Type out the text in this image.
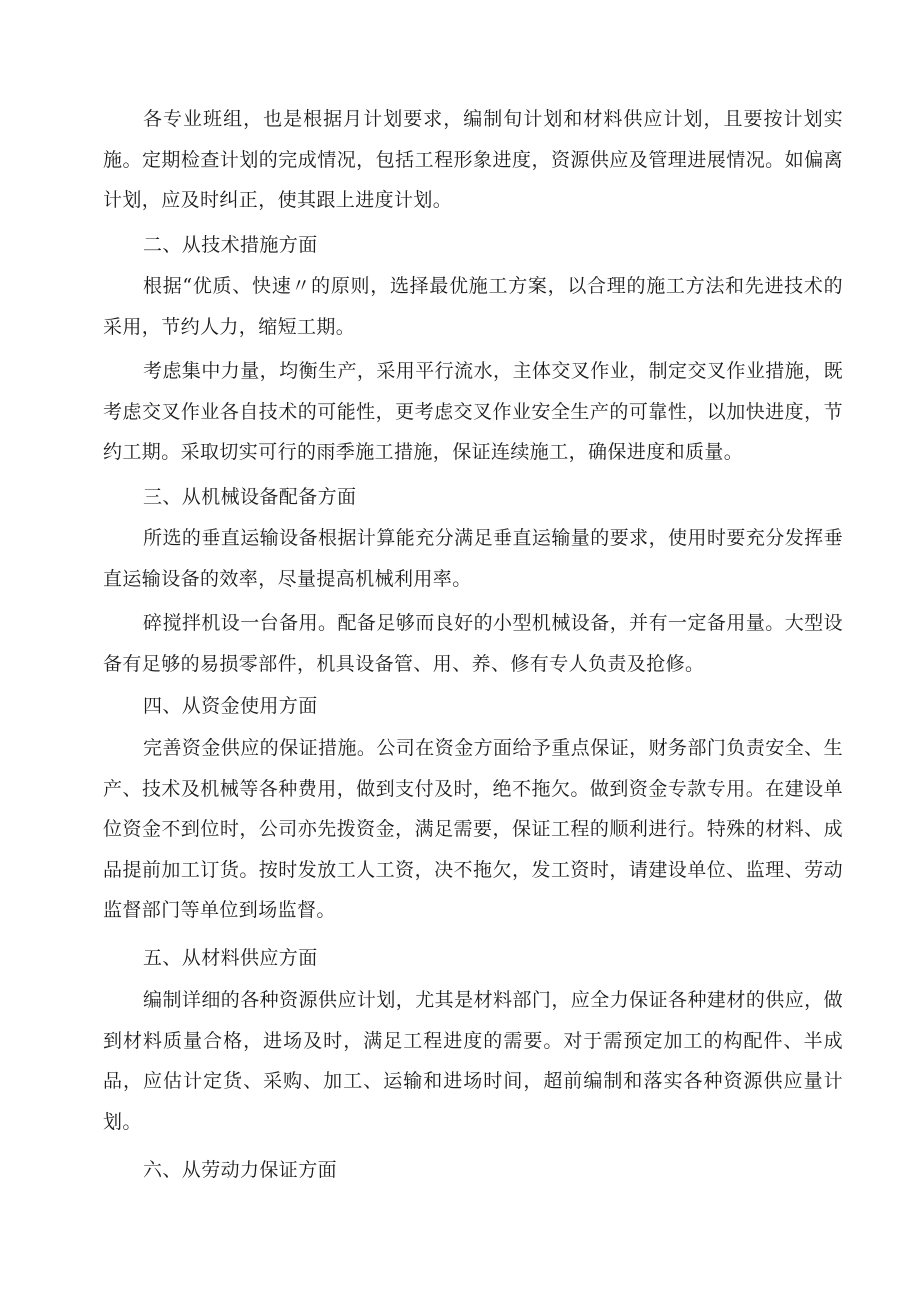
各专业班组，也是根据月计划要求，编制旬计划和材料供应计划，且要按计划实施。定期检查计划的完成情况，包括工程形象进度，资源供应及管理进展情况。如偏离计划，应及时纠正，使其跟上进度计划。
二、从技术措施方面
根据“优质、快速〃的原则，选择最优施工方案，以合理的施工方法和先进技术的采用，节约人力，缩短工期。
考虑集中力量，均衡生产，采用平行流水，主体交叉作业，制定交叉作业措施，既考虑交叉作业各自技术的可能性，更考虑交叉作业安全生产的可靠性，以加快进度，节约工期。采取切实可行的雨季施工措施，保证连续施工，确保进度和质量。
三、从机械设备配备方面
所选的垂直运输设备根据计算能充分满足垂直运输量的要求，使用时要充分发挥垂直运输设备的效率，尽量提高机械利用率。
碎搅拌机设一台备用。配备足够而良好的小型机械设备，并有一定备用量。大型设备有足够的易损零部件，机具设备管、用、养、修有专人负责及抢修。
四、从资金使用方面
完善资金供应的保证措施。公司在资金方面给予重点保证，财务部门负责安全、生产、技术及机械等各种费用，做到支付及时，绝不拖欠。做到资金专款专用。在建设单位资金不到位时，公司亦先拨资金，满足需要，保证工程的顺利进行。特殊的材料、成品提前加工订货。按时发放工人工资，决不拖欠，发工资时，请建设单位、监理、劳动监督部门等单位到场监督。
五、从材料供应方面
编制详细的各种资源供应计划，尤其是材料部门，应全力保证各种建材的供应，做到材料质量合格，进场及时，满足工程进度的需要。对于需预定加工的构配件、半成品，应估计定货、采购、加工、运输和进场时间，超前编制和落实各种资源供应量计划。
六、从劳动力保证方面
